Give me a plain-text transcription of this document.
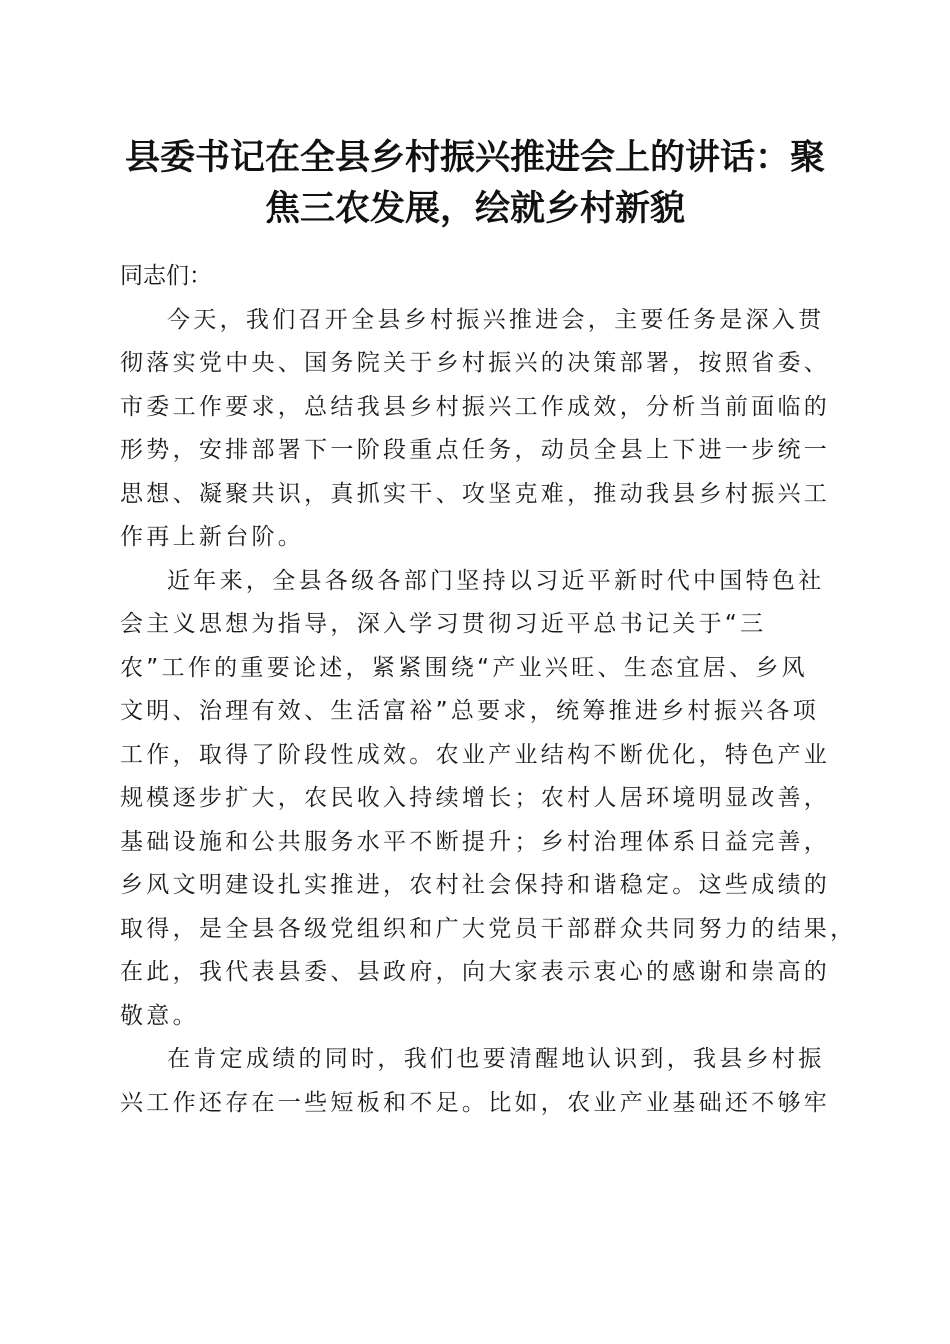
县委书记在全县乡村振兴推进会上的讲话：聚
焦三农发展，绘就乡村新貌

同志们：

今天，我们召开全县乡村振兴推进会，主要任务是深入贯
彻落实党中央、国务院关于乡村振兴的决策部署，按照省委、
市委工作要求，总结我县乡村振兴工作成效，分析当前面临的
形势，安排部署下一阶段重点任务，动员全县上下进一步统一
思想、凝聚共识，真抓实干、攻坚克难，推动我县乡村振兴工
作再上新台阶。
近年来，全县各级各部门坚持以习近平新时代中国特色社
会主义思想为指导，深入学习贯彻习近平总书记关于“三
农”工作的重要论述，紧紧围绕“产业兴旺、生态宜居、乡风
文明、治理有效、生活富裕”总要求，统筹推进乡村振兴各项
工作，取得了阶段性成效。农业产业结构不断优化，特色产业
规模逐步扩大，农民收入持续增长；农村人居环境明显改善，
基础设施和公共服务水平不断提升；乡村治理体系日益完善，
乡风文明建设扎实推进，农村社会保持和谐稳定。这些成绩的
取得，是全县各级党组织和广大党员干部群众共同努力的结果，
在此，我代表县委、县政府，向大家表示衷心的感谢和崇高的
敬意。
在肯定成绩的同时，我们也要清醒地认识到，我县乡村振
兴工作还存在一些短板和不足。比如，农业产业基础还不够牢
